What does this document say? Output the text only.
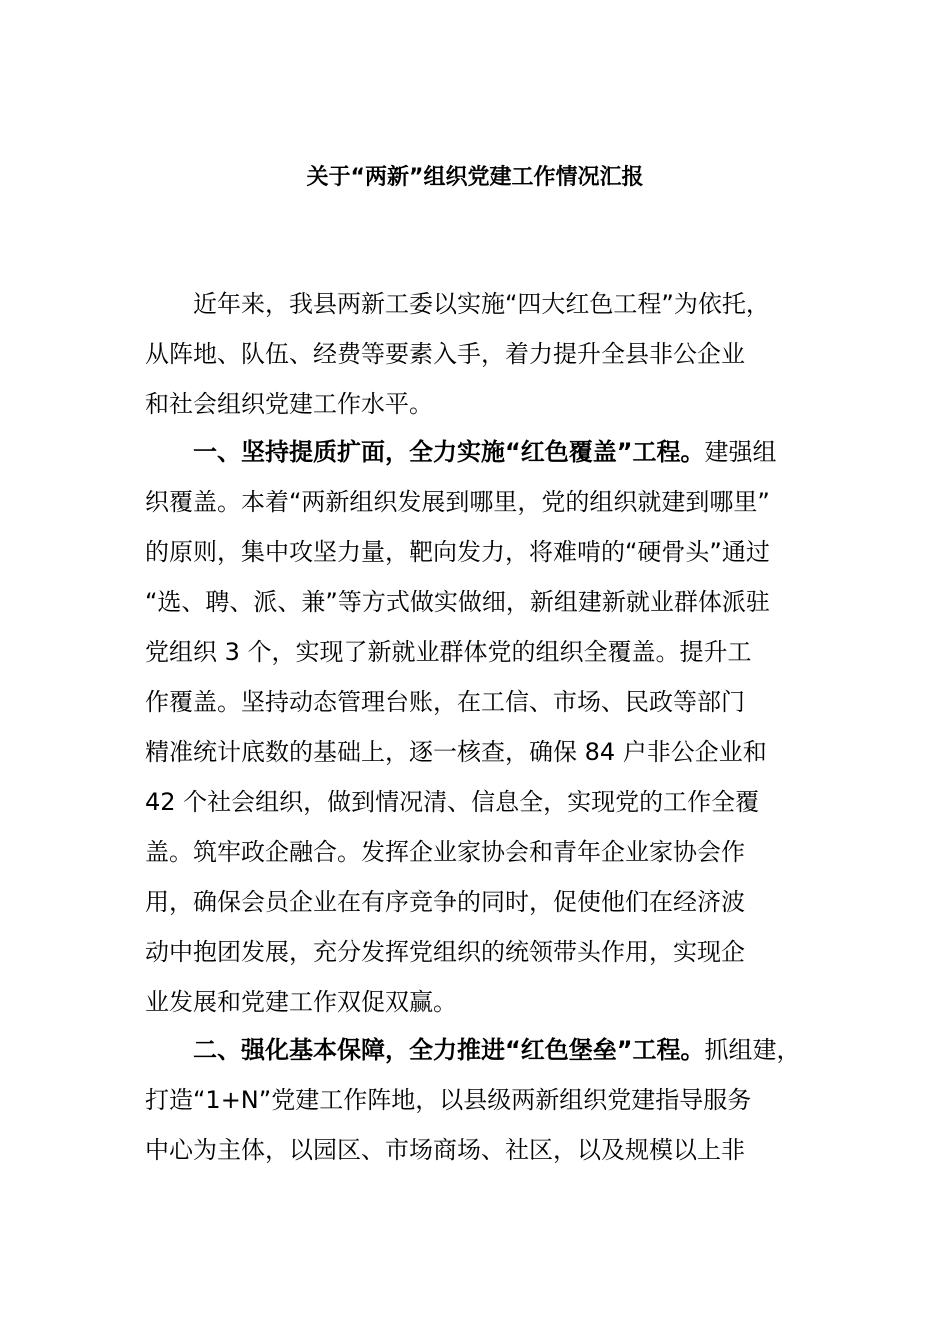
关于“两新”组织党建工作情况汇报
　　近年来，我县两新工委以实施“四大红色工程”为依托，
从阵地、队伍、经费等要素入手，着力提升全县非公企业
和社会组织党建工作水平。
　　一、坚持提质扩面，全力实施“红色覆盖”工程。建强组
织覆盖。本着“两新组织发展到哪里，党的组织就建到哪里”
的原则，集中攻坚力量，靶向发力，将难啃的“硬骨头”通过
“选、聘、派、兼”等方式做实做细，新组建新就业群体派驻
党组织 3 个，实现了新就业群体党的组织全覆盖。提升工
作覆盖。坚持动态管理台账，在工信、市场、民政等部门
精准统计底数的基础上，逐一核查，确保 84 户非公企业和
42 个社会组织，做到情况清、信息全，实现党的工作全覆
盖。筑牢政企融合。发挥企业家协会和青年企业家协会作
用，确保会员企业在有序竞争的同时，促使他们在经济波
动中抱团发展，充分发挥党组织的统领带头作用，实现企
业发展和党建工作双促双赢。
　　二、强化基本保障，全力推进“红色堡垒”工程。抓组建，
打造“1+N”党建工作阵地，以县级两新组织党建指导服务
中心为主体，以园区、市场商场、社区，以及规模以上非
